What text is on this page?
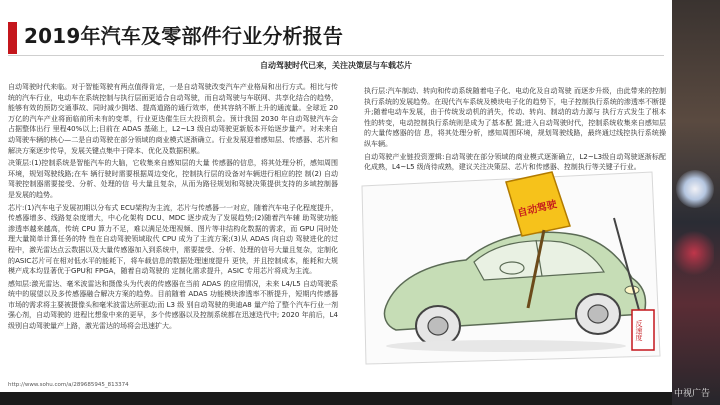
2019年汽车及零部件行业分析报告
自动驾驶时代已来，关注决策层与车载芯片

自动驾驶时代来临。对于智能驾驶有两点值得肯定，一是自动驾驶改变汽车产业格局和出行方式。相比与传统的汽车行业，电动车在系统控制与执行层面更适合自动驾驶，而自动驾驶与车联网、共享化结合的趋势，能够有效的预防交通事故、同时减少拥堵、提高道路的通行效率，使其容纳不断上升的通流量。全球近 20 万亿的汽车产业将面临前所未有的变革，行业更迭催生巨大投资机会。预计我国 2030 年自动驾驶汽车会占据整体出行 里程40%以上;目前在 ADAS 基础上，L2~L3 级自动驾驶更新版本开始逐步量产。对未来自动驾驶车辆的核心—二是自动驾驶在部分领域的商业模式逐渐确立。行业发展迎着感知层、传感器、芯片和解决方案逐步传导，发展关键点集中于降本、优化及数据积累。

决策层:(1)控制系统是智能汽车的大脑，它收集来自感知层的大量 传感器的信息，将其处理分析，感知周围环境，规划驾驶线路;在车 辆行驶时需要根据周边变化，控制执行层的设备对车辆进行相应的控 制(2) 自动驾驶控制器需要接受、分析、处理的信 号大量且复杂，从而为路径规划和驾驶决策提供支持的多域控制器是发展的趋势。

芯片:(1)汽车电子发展初期以分布式 ECU架构为主流，芯片与传感器一一对应，随着汽车电子化程度提升，传感器增多、线路复杂度增大，中心化架构 DCU、MDC 逐步成为了发展趋势;(2)随着汽车辅 助驾驶功能渗透率越来越高，传统 CPU 算力不足，难以满足处理视频、图片等非结构化数据的需求，而 GPU 同时处理大量简单计算任务的特 性在自动驾驶领域取代 CPU 成为了主流方案;(3)从 ADAS 向自动 驾驶进化的过程中，激光雷达点云数据以及大量传感器加入到系统中，需要接受、分析、处理的信号大量且复杂，定制化的ASIC芯片可在相对低水平的能耗下，将车载信息的数据处理速度提升 更快，并且控制成本，能耗和大规模产成本均显著优于GPU和 FPGA，随着自动驾驶的 定制化需求提升，ASIC 专用芯片将成为主流。

感知层:激光雷达、毫米波雷达和摄像头为代表的传感器在当前 ADAS 的应用情况，未来 L4/L5 自动驾驶系统中的展望以及多传感器融合解决方案的趋势。目前随着 ADAS 功能模块渗透率不断提升，短期内传感器市场的需求将主要被摄像头和毫米波雷达所驱动;而 L3 级 别自动驾驶的奥迪A8 量产给了整个汽车行业一剂强心剂，自动驾驶的 进程比想象中来的更早，多个传感器以及控制系统都在迅速迭代中; 2020 年前后，L4 级别自动驾驶量产上路，激光雷达的场将会迅速扩大。

执行层:汽车制动、转向和传动系统随着电子化、电动化及自动驾驶 而逐步升级，由此带来的控制执行系统的发展趋势。在现代汽车系统及模块电子化的趋势下，电子控制执行系统的渗透率不断提升;随着电动车发展，由于传统发动机的消失，传动、转向、制动的动力源与 执行方式发生了根本性的转变，电动控制执行系统则是成为了基本配 置;进入自动驾驶时代，控制系统收集来自感知层的大量传感器的信 息，将其处理分析，感知周围环境，规划驾驶线路，最终通过线控执行系统操纵车辆。

自动驾驶产业链投资逻辑:自动驾驶在部分领域的商业模式逐渐确立，L2~L3级自动驾驶逐渐标配化成熟，L4~L5 级尚待成熟，建议关注决策层、芯片和传感器、控制执行等关键子行业。

自动驾驶
反速度
http://www.sohu.com/a/289685945_813374
中视广告
